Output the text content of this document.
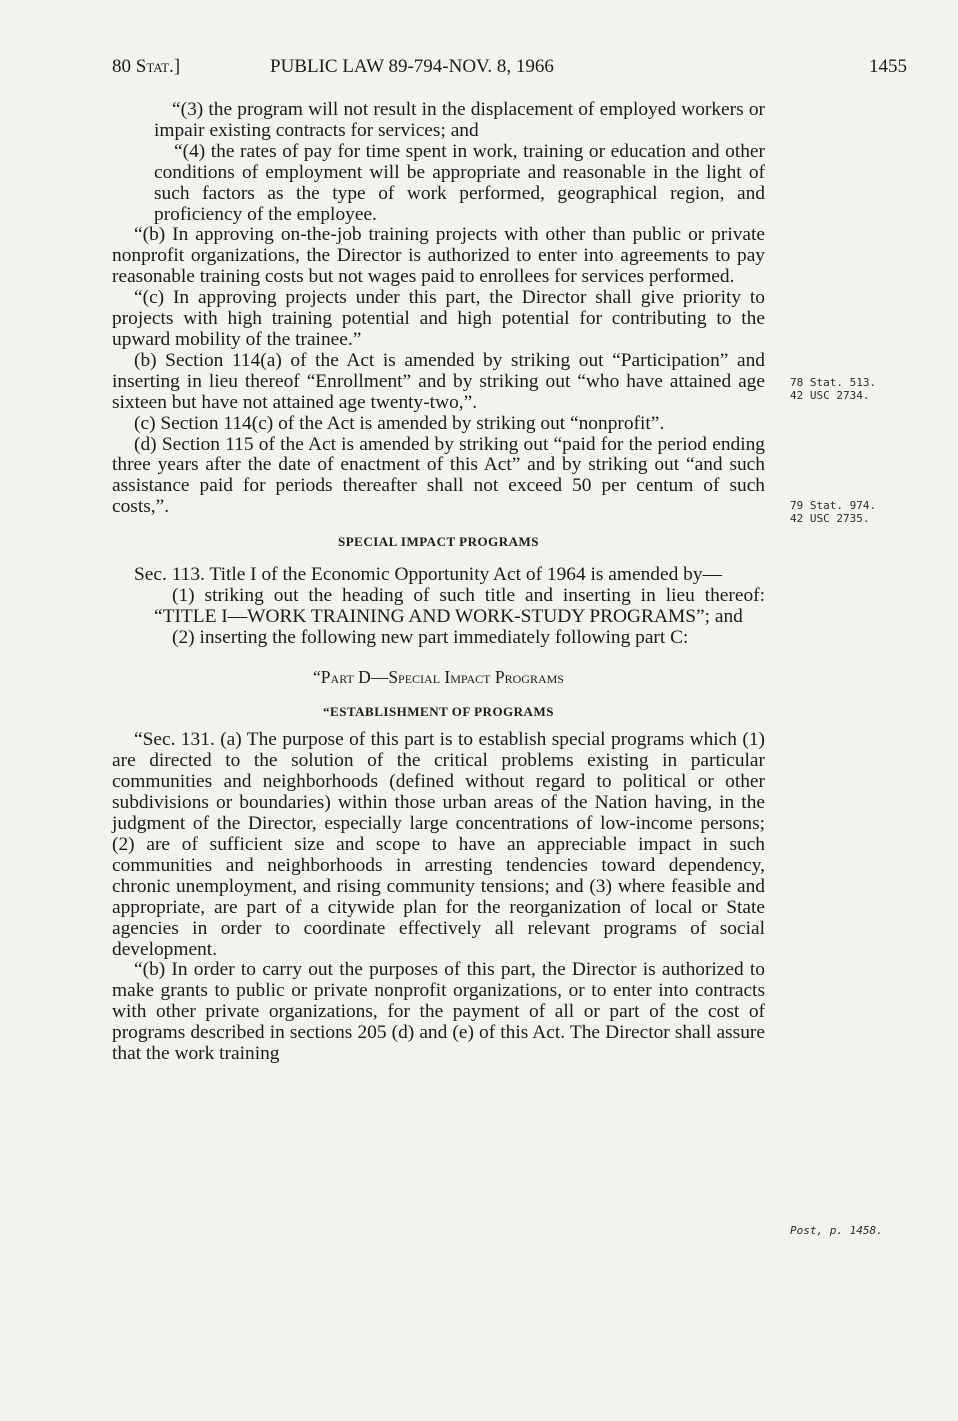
80 Stat.]	PUBLIC LAW 89-794-NOV. 8, 1966	1455

“(3) the program will not result in the displacement of employed workers or impair existing contracts for services; and

“(4) the rates of pay for time spent in work, training or education and other conditions of employment will be appropriate and reasonable in the light of such factors as the type of work performed, geographical region, and proficiency of the employee.

“(b) In approving on-the-job training projects with other than public or private nonprofit organizations, the Director is authorized to enter into agreements to pay reasonable training costs but not wages paid to enrollees for services performed.

“(c) In approving projects under this part, the Director shall give priority to projects with high training potential and high potential for contributing to the upward mobility of the trainee.”

(b) Section 114(a) of the Act is amended by striking out “Participation” and inserting in lieu thereof “Enrollment” and by striking out “who have attained age sixteen but have not attained age twenty-two,”.

(c) Section 114(c) of the Act is amended by striking out “nonprofit”.

(d) Section 115 of the Act is amended by striking out “paid for the period ending three years after the date of enactment of this Act” and by striking out “and such assistance paid for periods thereafter shall not exceed 50 per centum of such costs,”.

SPECIAL IMPACT PROGRAMS

Sec. 113. Title I of the Economic Opportunity Act of 1964 is amended by—

(1) striking out the heading of such title and inserting in lieu thereof: “TITLE I—WORK TRAINING AND WORK-STUDY PROGRAMS”; and

(2) inserting the following new part immediately following part C:

“Part D—Special Impact Programs

“ESTABLISHMENT OF PROGRAMS

“Sec. 131. (a) The purpose of this part is to establish special programs which (1) are directed to the solution of the critical problems existing in particular communities and neighborhoods (defined without regard to political or other subdivisions or boundaries) within those urban areas of the Nation having, in the judgment of the Director, especially large concentrations of low-income persons; (2) are of sufficient size and scope to have an appreciable impact in such communities and neighborhoods in arresting tendencies toward dependency, chronic unemployment, and rising community tensions; and (3) where feasible and appropriate, are part of a citywide plan for the reorganization of local or State agencies in order to coordinate effectively all relevant programs of social development.

“(b) In order to carry out the purposes of this part, the Director is authorized to make grants to public or private nonprofit organizations, or to enter into contracts with other private organizations, for the payment of all or part of the cost of programs described in sections 205 (d) and (e) of this Act. The Director shall assure that the work training

78 Stat. 513.
42 USC 2734.
79 Stat. 974.
42 USC 2735.
Post, p. 1458.
